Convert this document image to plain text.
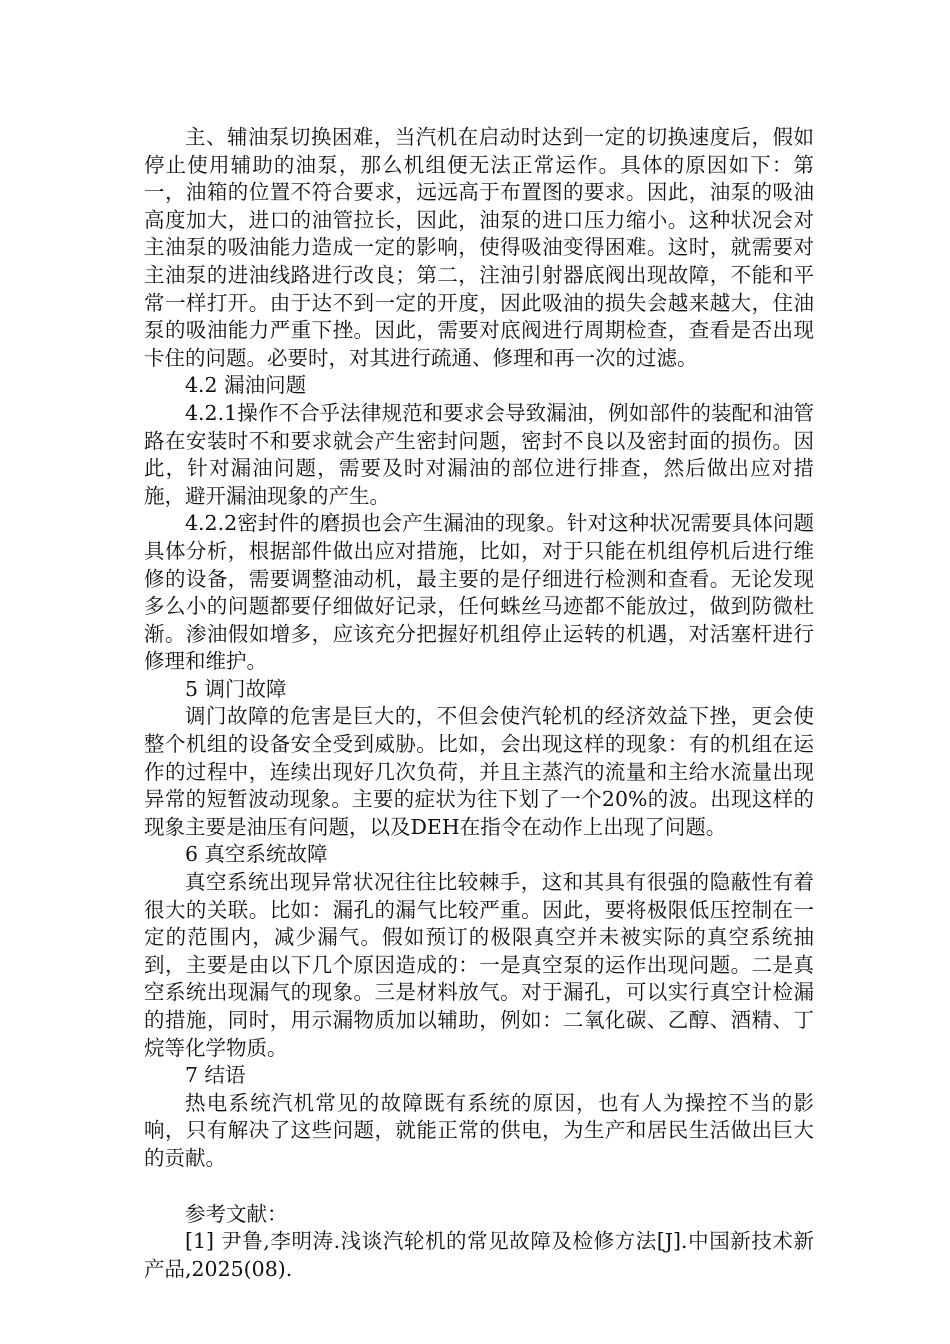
主、辅油泵切换困难，当汽机在启动时达到一定的切换速度后，假如停止使用辅助的油泵，那么机组便无法正常运作。具体的原因如下：第一，油箱的位置不符合要求，远远高于布置图的要求。因此，油泵的吸油高度加大，进口的油管拉长，因此，油泵的进口压力缩小。这种状况会对主油泵的吸油能力造成一定的影响，使得吸油变得困难。这时，就需要对主油泵的进油线路进行改良；第二，注油引射器底阀出现故障，不能和平常一样打开。由于达不到一定的开度，因此吸油的损失会越来越大，住油泵的吸油能力严重下挫。因此，需要对底阀进行周期检查，查看是否出现卡住的问题。必要时，对其进行疏通、修理和再一次的过滤。

4.2 漏油问题

4.2.1操作不合乎法律规范和要求会导致漏油，例如部件的装配和油管路在安装时不和要求就会产生密封问题，密封不良以及密封面的损伤。因此，针对漏油问题，需要及时对漏油的部位进行排查，然后做出应对措施，避开漏油现象的产生。

4.2.2密封件的磨损也会产生漏油的现象。针对这种状况需要具体问题具体分析，根据部件做出应对措施，比如，对于只能在机组停机后进行维修的设备，需要调整油动机，最主要的是仔细进行检测和查看。无论发现多么小的问题都要仔细做好记录，任何蛛丝马迹都不能放过，做到防微杜渐。渗油假如增多，应该充分把握好机组停止运转的机遇，对活塞杆进行修理和维护。

5 调门故障

调门故障的危害是巨大的，不但会使汽轮机的经济效益下挫，更会使整个机组的设备安全受到威胁。比如，会出现这样的现象：有的机组在运作的过程中，连续出现好几次负荷，并且主蒸汽的流量和主给水流量出现异常的短暂波动现象。主要的症状为往下划了一个20%的波。出现这样的现象主要是油压有问题，以及DEH在指令在动作上出现了问题。

6 真空系统故障

真空系统出现异常状况往往比较棘手，这和其具有很强的隐蔽性有着很大的关联。比如：漏孔的漏气比较严重。因此，要将极限低压控制在一定的范围内，减少漏气。假如预订的极限真空并未被实际的真空系统抽到，主要是由以下几个原因造成的：一是真空泵的运作出现问题。二是真空系统出现漏气的现象。三是材料放气。对于漏孔，可以实行真空计检漏的措施，同时，用示漏物质加以辅助，例如：二氧化碳、乙醇、酒精、丁烷等化学物质。

7 结语

热电系统汽机常见的故障既有系统的原因，也有人为操控不当的影响，只有解决了这些问题，就能正常的供电，为生产和居民生活做出巨大的贡献。

参考文献：

[1] 尹鲁,李明涛.浅谈汽轮机的常见故障及检修方法[J].中国新技术新产品,2025(08).
